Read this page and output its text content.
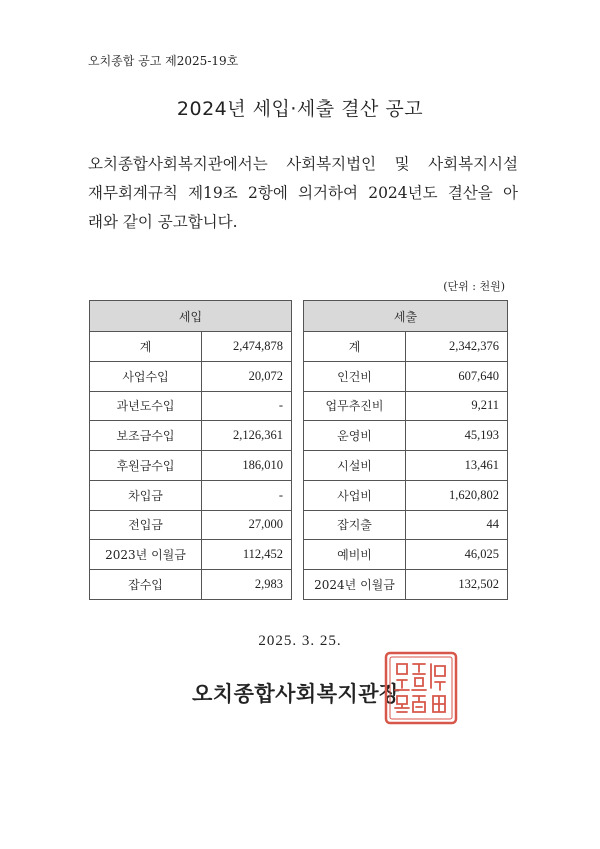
오치종합 공고 제2025-19호
2024년 세입·세출 결산 공고
오치종합사회복지관에서는 사회복지법인 및 사회복지시설
재무회계규칙 제19조 2항에 의거하여 2024년도 결산을 아
래와 같이 공고합니다.
(단위 : 천원)
세입			세출	
계	2,474,878		계	2,342,376
사업수입	20,072		인건비	607,640
과년도수입	-		업무추진비	9,211
보조금수입	2,126,361		운영비	45,193
후원금수입	186,010		시설비	13,461
차입금	-		사업비	1,620,802
전입금	27,000		잡지출	44
2023년 이월금	112,452		예비비	46,025
잡수입	2,983		2024년 이월금	132,502
2025. 3. 25.
오치종합사회복지관장
